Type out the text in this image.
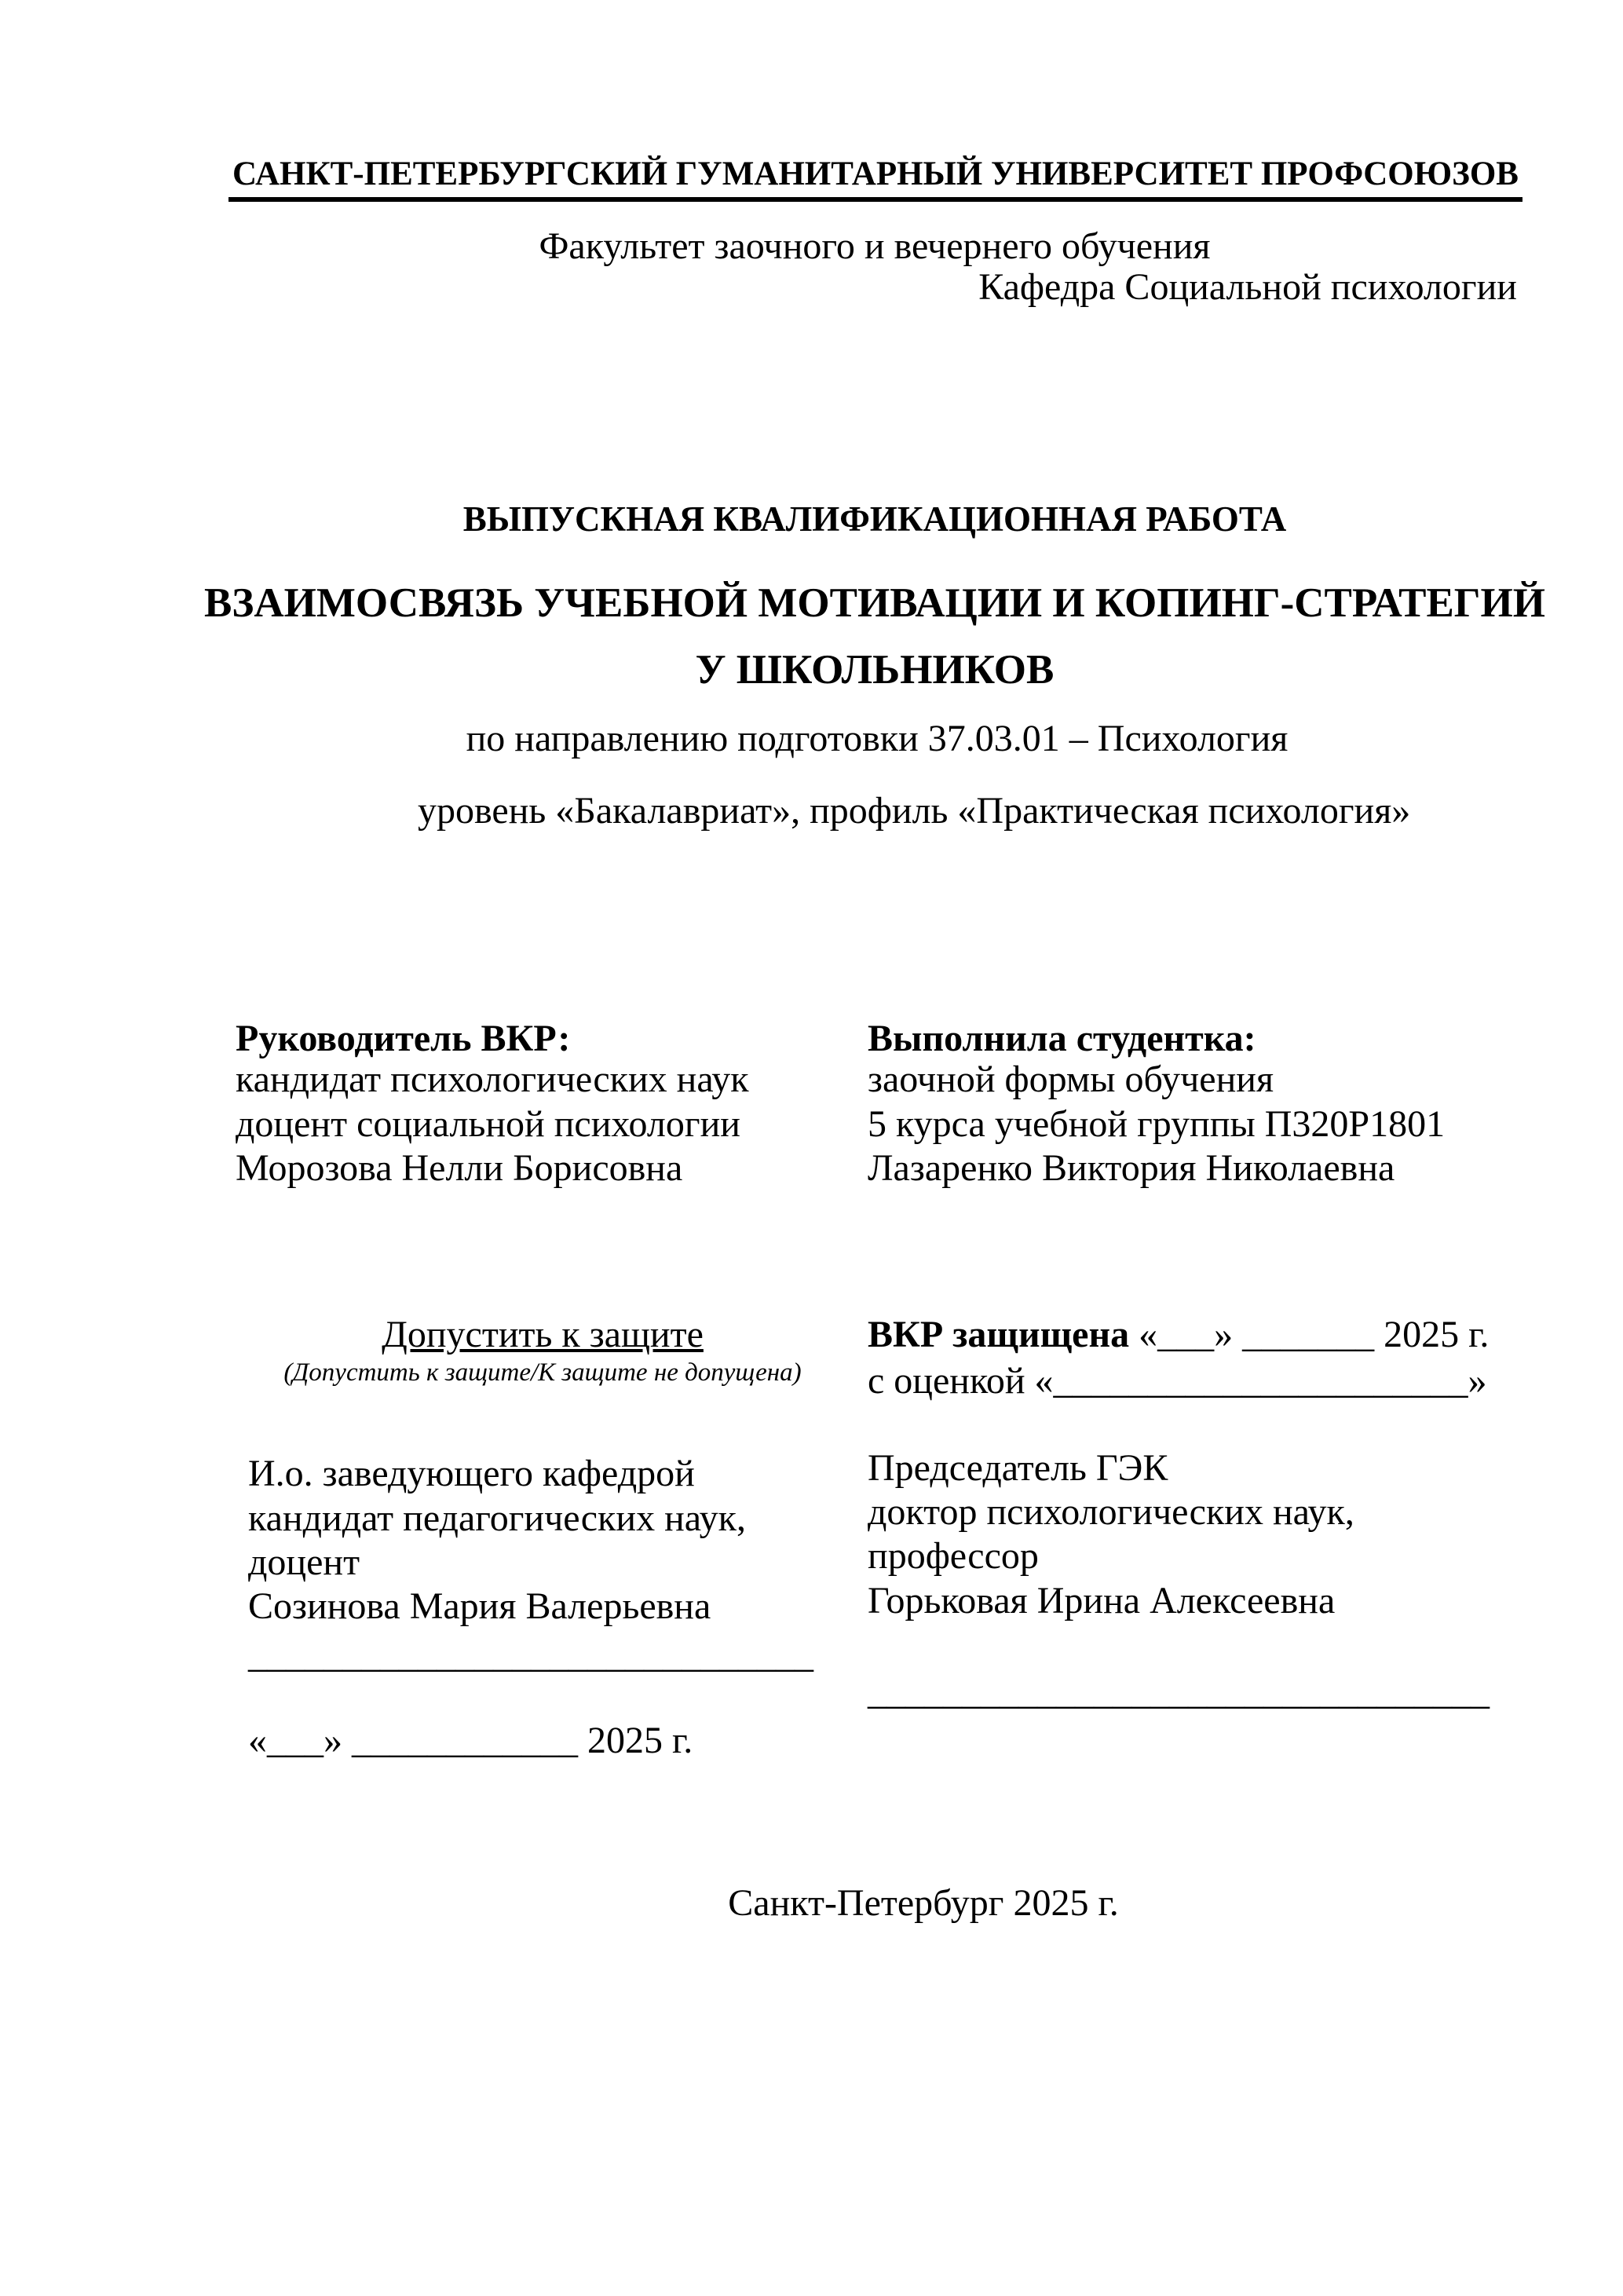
САНКТ-ПЕТЕРБУРГСКИЙ ГУМАНИТАРНЫЙ УНИВЕРСИТЕТ ПРОФСОЮЗОВ
Факультет заочного и вечернего обучения
Кафедра Социальной психологии
ВЫПУСКНАЯ КВАЛИФИКАЦИОННАЯ РАБОТА
ВЗАИМОСВЯЗЬ УЧЕБНОЙ МОТИВАЦИИ И КОПИНГ-СТРАТЕГИЙ
У ШКОЛЬНИКОВ
по направлению подготовки 37.03.01 – Психология
уровень «Бакалавриат», профиль «Практическая психология»
Руководитель ВКР:
кандидат психологических наук
доцент социальной психологии
Морозова Нелли Борисовна
Выполнила студентка:
заочной формы обучения
5 курса учебной группы П320Р1801
Лазаренко Виктория Николаевна
Допустить к защите
(Допустить к защите/К защите не допущена)
ВКР защищена «___» _______ 2025 г.
с оценкой «______________________»
И.о. заведующего кафедрой
кандидат педагогических наук,
доцент
Созинова Мария Валерьевна
______________________________
«___» ____________ 2025 г.
Председатель ГЭК
доктор психологических наук,
профессор
Горьковая Ирина Алексеевна
_________________________________
Санкт-Петербург 2025 г.
